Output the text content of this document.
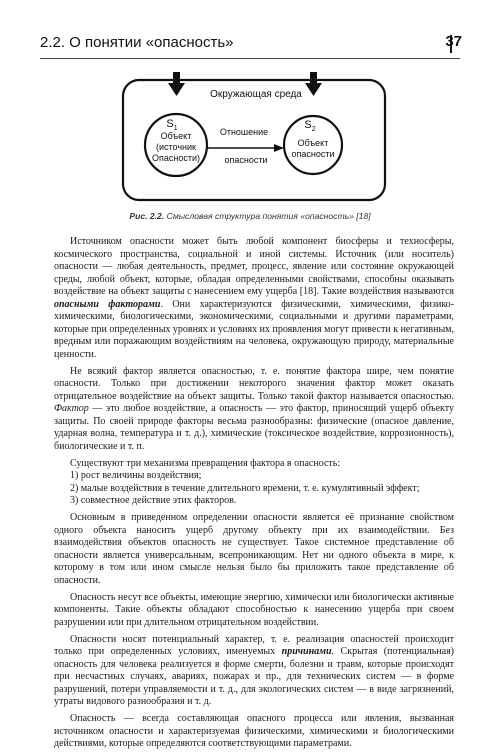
2.2. О понятии «опасность»	37
Окружающая среда
$S_1$
Объект
(источник
Опасности)
$S_2$
Объект
опасности
Отношение
опасности
Рис. 2.2. Смысловая структура понятия «опасность» [18]

Источником опасности может быть любой компонент биосферы и техносферы, космического пространства, социальной и иной системы. Источник (или носитель) опасности — любая деятельность, предмет, процесс, явление или состояние окружающей среды, любой объект, которые, обладая определенными свойствами, способны оказывать воздействие на объект защиты с нанесением ему ущерба [18]. Такие воздействия называются опасными факторами. Они характеризуются физическими, химическими, физико-химическими, биологическими, экономическими, социальными и другими параметрами, которые при определенных уровнях и условиях их проявления могут привести к негативным, вредным или поражающим воздействиям на человека, окружающую природу, материальные ценности.

Не всякий фактор является опасностью, т. е. понятие фактора шире, чем понятие опасности. Только при достижении некоторого значения фактор может оказать отрицательное воздействие на объект защиты. Только такой фактор называется опасностью. Фактор — это любое воздействие, а опасность — это фактор, приносящий ущерб объекту защиты. По своей природе факторы весьма разнообразны: физические (опасное давление, ударная волна, температура и т. д.), химические (токсическое воздействие, коррозионность), биологические и т. п.

Существуют три механизма превращения фактора в опасность:

1) рост величины воздействия;

2) малые воздействия в течение длительного времени, т. е. кумулятивный эффект;

3) совместное действие этих факторов.

Основным в приведенном определении опасности является её признание свойством одного объекта наносить ущерб другому объекту при их взаимодействии. Без взаимодействия объектов опасность не существует. Такое системное представление об опасности является универсальным, всепроникающим. Нет ни одного объекта в мире, к которому в том или ином смысле нельзя было бы приложить такое представление об опасности.

Опасность несут все объекты, имеющие энергию, химически или биологически активные компоненты. Такие объекты обладают способностью к нанесению ущерба при своем разрушении или при длительном отрицательном воздействии.

Опасности носят потенциальный характер, т. е. реализация опасностей происходит только при определенных условиях, именуемых причинами. Скрытая (потенциальная) опасность для человека реализуется в форме смерти, болезни и травм, которые происходят при несчастных случаях, авариях, пожарах и пр., для технических систем — в форме разрушений, потери управляемости и т. д., для экологических систем — в виде загрязнений, утраты видового разнообразия и т. д.

Опасность — всегда составляющая опасного процесса или явления, вызванная источником опасности и характеризуемая физическими, химическими и биологическими действиями, которые определяются соответствующими параметрами.
